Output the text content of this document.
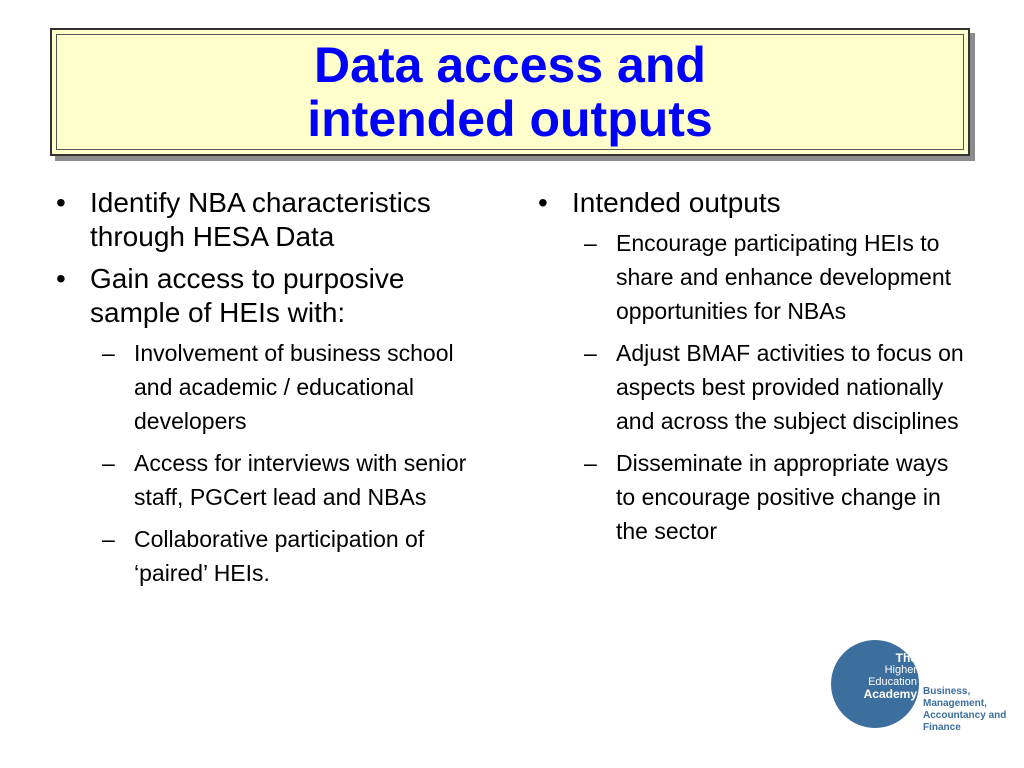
Data access and
intended outputs
• Identify NBA characteristics through HESA Data
• Gain access to purposive sample of HEIs with:
– Involvement of business school and academic / educational developers
– Access for interviews with senior staff, PGCert lead and NBAs
– Collaborative participation of ‘paired’ HEIs.
• Intended outputs
– Encourage participating HEIs to share and enhance development opportunities for NBAs
– Adjust BMAF activities to focus on aspects best provided nationally and across the subject disciplines
– Disseminate in appropriate ways to encourage positive change in the sector
The
Higher
Education
Academy Business, Management, Accountancy and Finance
